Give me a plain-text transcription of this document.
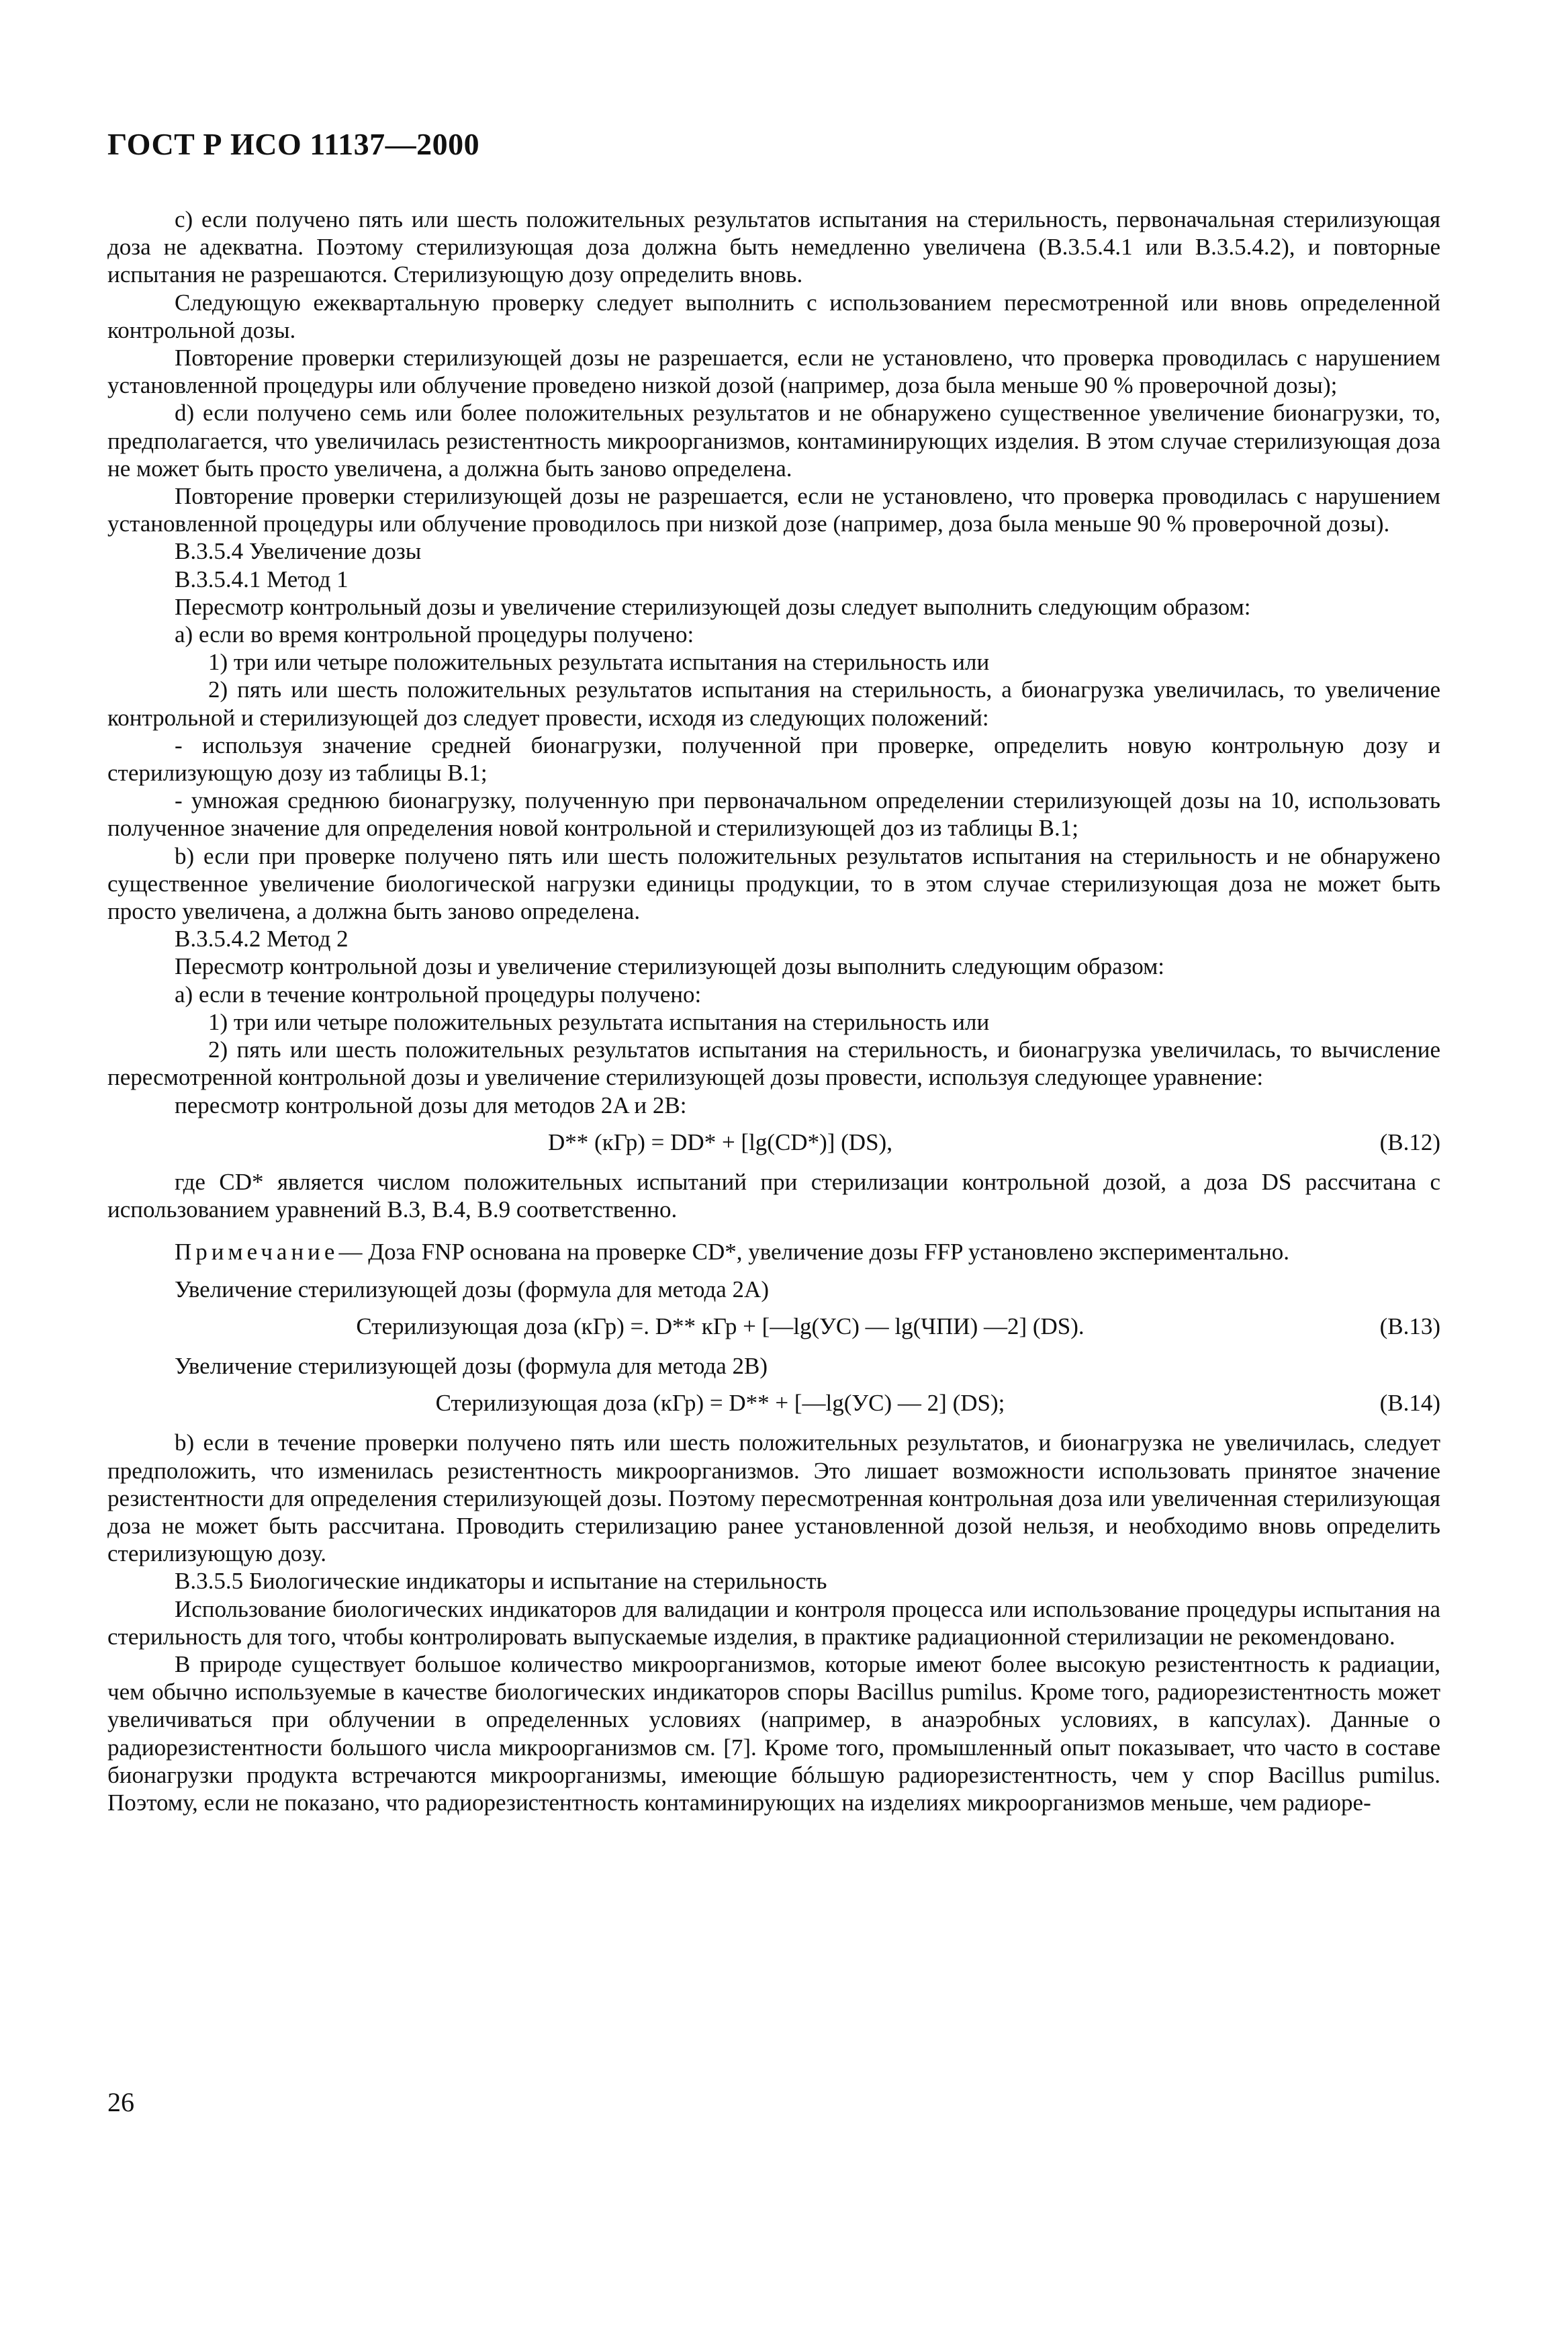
ГОСТ Р ИСО 11137—2000

c) если получено пять или шесть положительных результатов испытания на стерильность, первоначальная стерилизующая доза не адекватна. Поэтому стерилизующая доза должна быть немедленно увеличена (B.3.5.4.1 или B.3.5.4.2), и повторные испытания не разрешаются. Стерилизующую дозу определить вновь.

Следующую ежеквартальную проверку следует выполнить с использованием пересмотренной или вновь определенной контрольной дозы.

Повторение проверки стерилизующей дозы не разрешается, если не установлено, что проверка проводилась с нарушением установленной процедуры или облучение проведено низкой дозой (например, доза была меньше 90 % проверочной дозы);

d) если получено семь или более положительных результатов и не обнаружено существенное увеличение бионагрузки, то, предполагается, что увеличилась резистентность микроорганизмов, контаминирующих изделия. В этом случае стерилизующая доза не может быть просто увеличена, а должна быть заново определена.

Повторение проверки стерилизующей дозы не разрешается, если не установлено, что проверка проводилась с нарушением установленной процедуры или облучение проводилось при низкой дозе (например, доза была меньше 90 % проверочной дозы).

B.3.5.4 Увеличение дозы

B.3.5.4.1 Метод 1

Пересмотр контрольный дозы и увеличение стерилизующей дозы следует выполнить следующим образом:

a) если во время контрольной процедуры получено:

1) три или четыре положительных результата испытания на стерильность или

2) пять или шесть положительных результатов испытания на стерильность, а бионагрузка увеличилась, то увеличение контрольной и стерилизующей доз следует провести, исходя из следующих положений:

- используя значение средней бионагрузки, полученной при проверке, определить новую контрольную дозу и стерилизующую дозу из таблицы B.1;

- умножая среднюю бионагрузку, полученную при первоначальном определении стерилизующей дозы на 10, использовать полученное значение для определения новой контрольной и стерилизующей доз из таблицы B.1;

b) если при проверке получено пять или шесть положительных результатов испытания на стерильность и не обнаружено существенное увеличение биологической нагрузки единицы продукции, то в этом случае стерилизующая доза не может быть просто увеличена, а должна быть заново определена.

B.3.5.4.2 Метод 2

Пересмотр контрольной дозы и увеличение стерилизующей дозы выполнить следующим образом:

a) если в течение контрольной процедуры получено:

1) три или четыре положительных результата испытания на стерильность или

2) пять или шесть положительных результатов испытания на стерильность, и бионагрузка увеличилась, то вычисление пересмотренной контрольной дозы и увеличение стерилизующей дозы провести, используя следующее уравнение:

пересмотр контрольной дозы для методов 2A и 2B:

D** (кГр) = DD* + [lg(CD*)] (DS),	(B.12)

где CD* является числом положительных испытаний при стерилизации контрольной дозой, а доза DS рассчитана с использованием уравнений B.3, B.4, B.9 соответственно.

Примечание— Доза FNP основана на проверке CD*, увеличение дозы FFP установлено экспериментально.

Увеличение стерилизующей дозы (формула для метода 2A)

Стерилизующая доза (кГр) =. D** кГр + [—lg(УС) — lg(ЧПИ) —2] (DS).	(B.13)

Увеличение стерилизующей дозы (формула для метода 2B)

Стерилизующая доза (кГр) = D** + [—lg(УС) — 2] (DS);	(B.14)

b) если в течение проверки получено пять или шесть положительных результатов, и бионагрузка не увеличилась, следует предположить, что изменилась резистентность микроорганизмов. Это лишает возможности использовать принятое значение резистентности для определения стерилизующей дозы. Поэтому пересмотренная контрольная доза или увеличенная стерилизующая доза не может быть рассчитана. Проводить стерилизацию ранее установленной дозой нельзя, и необходимо вновь определить стерилизующую дозу.

B.3.5.5 Биологические индикаторы и испытание на стерильность

Использование биологических индикаторов для валидации и контроля процесса или использование процедуры испытания на стерильность для того, чтобы контролировать выпускаемые изделия, в практике радиационной стерилизации не рекомендовано.

В природе существует большое количество микроорганизмов, которые имеют более высокую резистентность к радиации, чем обычно используемые в качестве биологических индикаторов споры Bacillus pumilus. Кроме того, радиорезистентность может увеличиваться при облучении в определенных условиях (например, в анаэробных условиях, в капсулах). Данные о радиорезистентности большого числа микроорганизмов см. [7]. Кроме того, промышленный опыт показывает, что часто в составе бионагрузки продукта встречаются микроорганизмы, имеющие бóльшую радиорезистентность, чем у спор Bacillus pumilus. Поэтому, если не показано, что радиорезистентность контаминирующих на изделиях микроорганизмов меньше, чем радиоре-

26
